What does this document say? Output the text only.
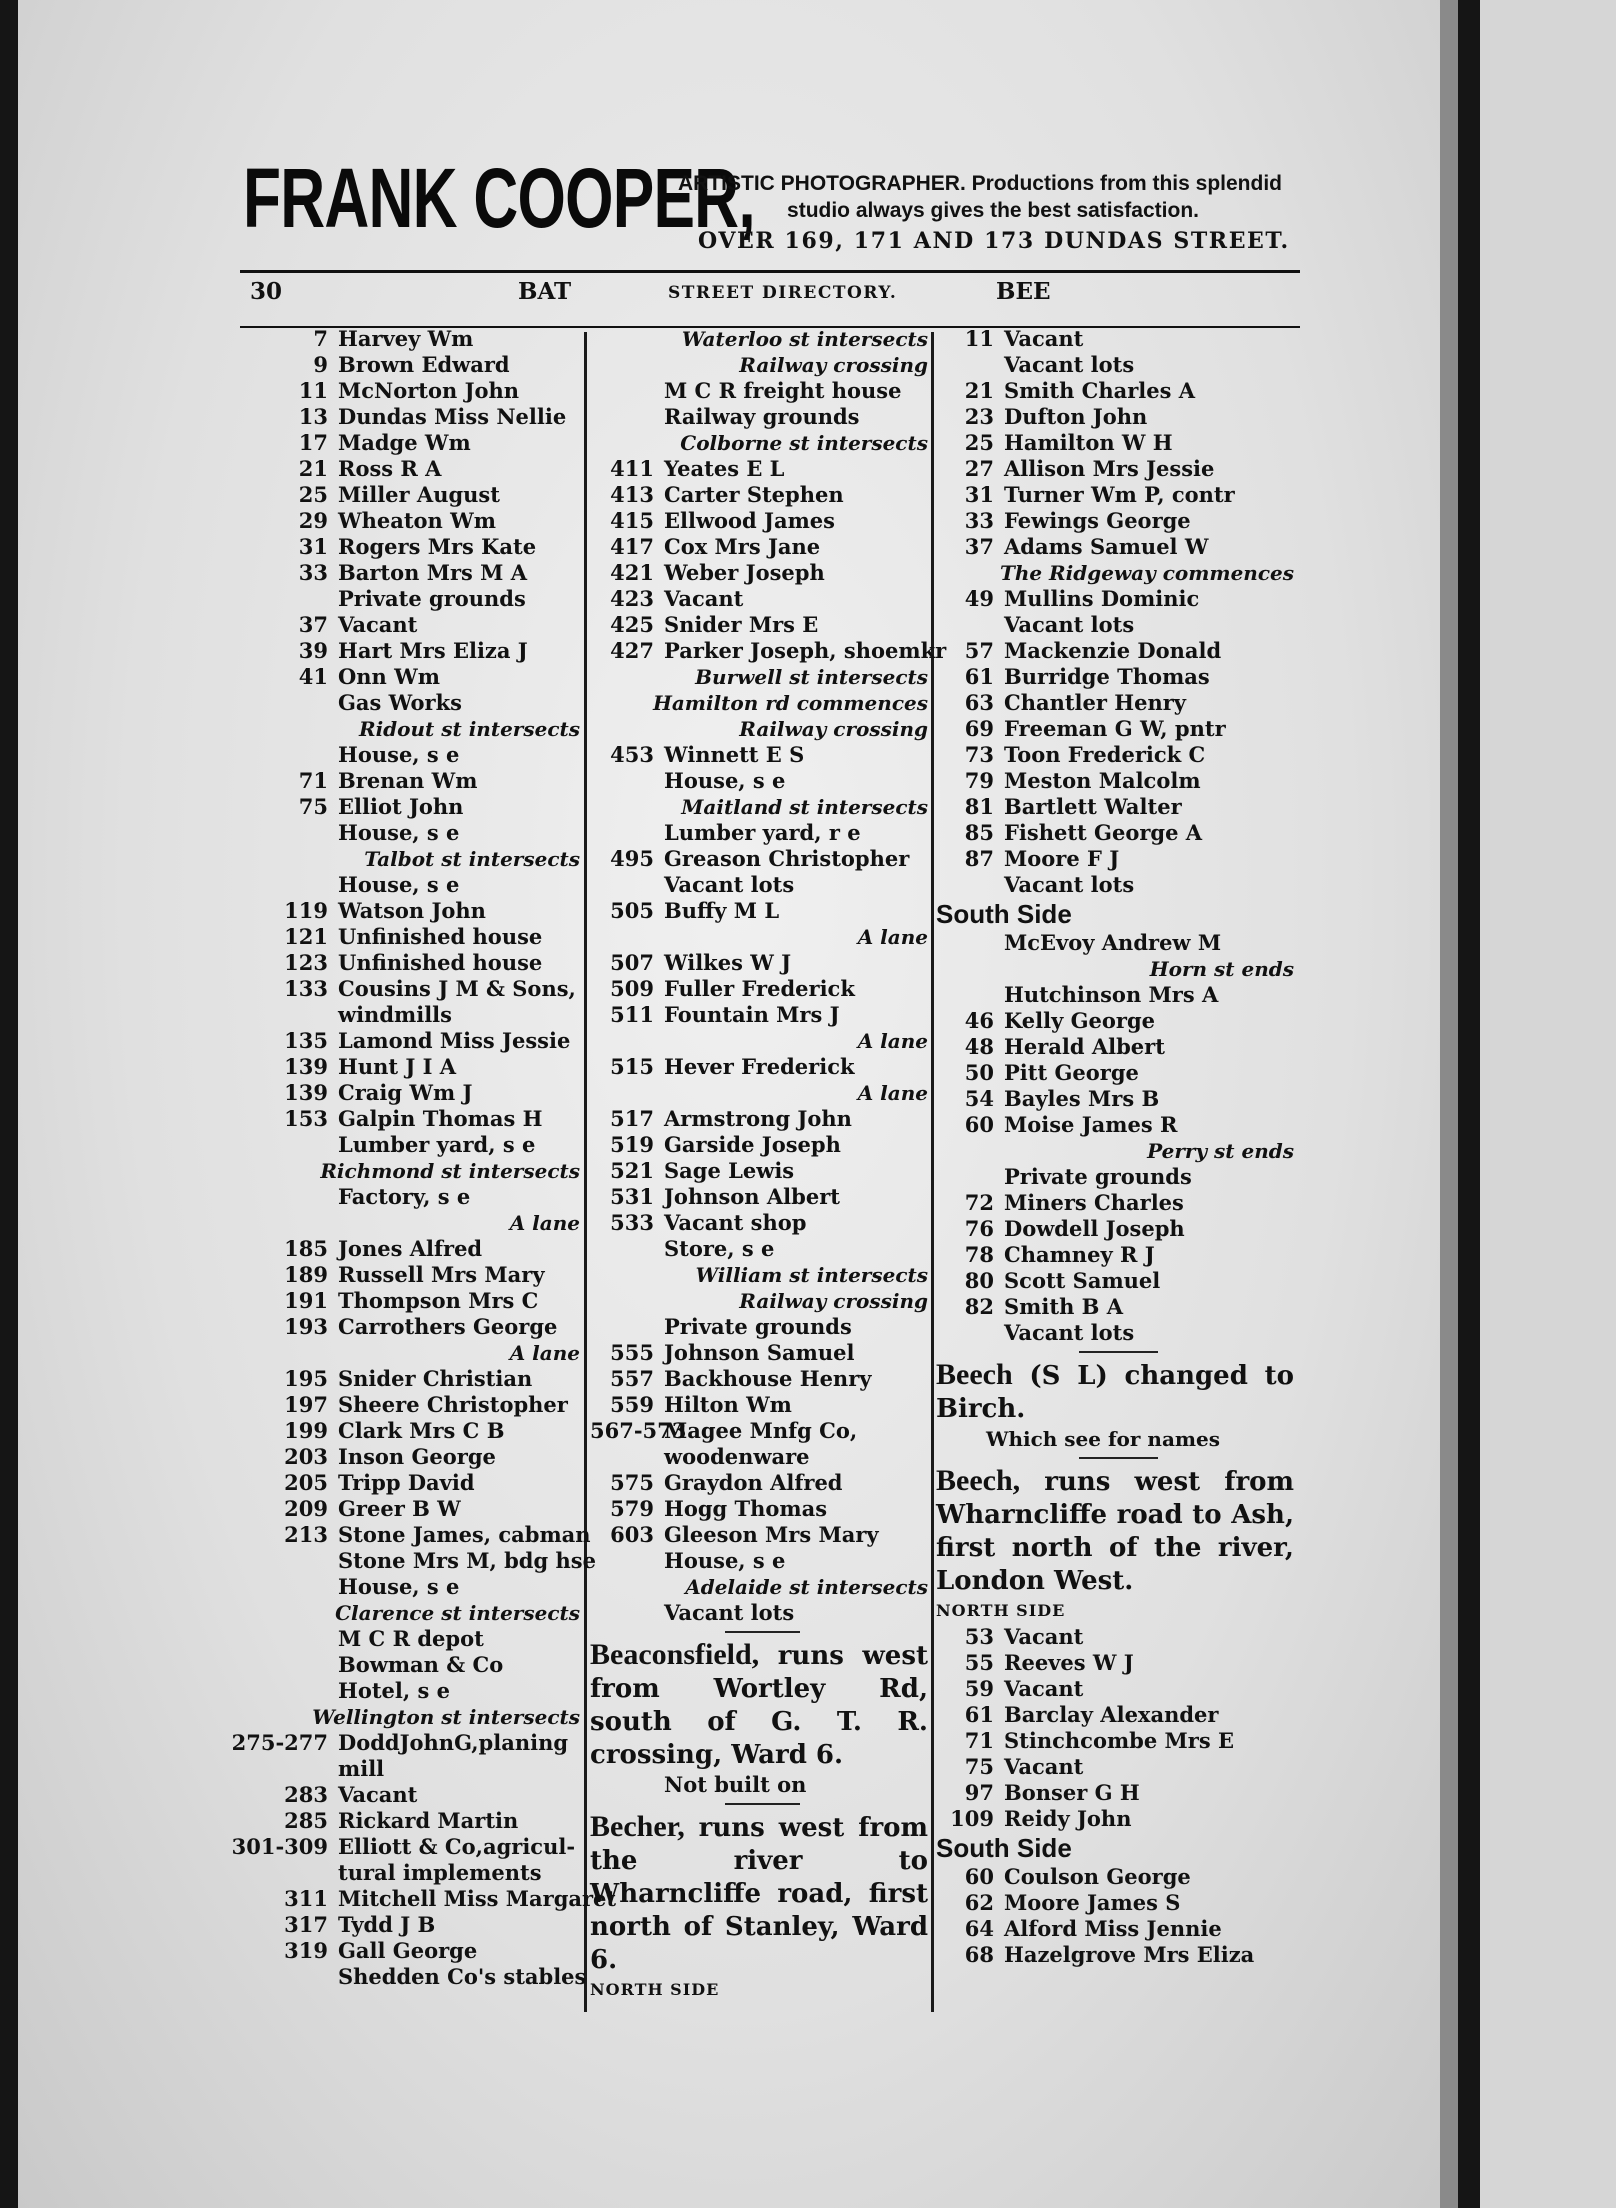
FRANK COOPER,
ARTISTIC PHOTOGRAPHER. Productions from this splendid
studio always gives the best satisfaction.
OVER 169, 171 AND 173 DUNDAS STREET.
30	BAT	STREET DIRECTORY.	BEE
7 Harvey Wm
9 Brown Edward
11 McNorton John
13 Dundas Miss Nellie
17 Madge Wm
21 Ross R A
25 Miller August
29 Wheaton Wm
31 Rogers Mrs Kate
33 Barton Mrs M A
Private grounds
37 Vacant
39 Hart Mrs Eliza J
41 Onn Wm
Gas Works
Ridout st intersects
House, s e
71 Brenan Wm
75 Elliot John
House, s e
Talbot st intersects
House, s e
119 Watson John
121 Unfinished house
123 Unfinished house
133 Cousins J M & Sons,
windmills
135 Lamond Miss Jessie
139 Hunt J I A
139 Craig Wm J
153 Galpin Thomas H
Lumber yard, s e
Richmond st intersects
Factory, s e
A lane
185 Jones Alfred
189 Russell Mrs Mary
191 Thompson Mrs C
193 Carrothers George
A lane
195 Snider Christian
197 Sheere Christopher
199 Clark Mrs C B
203 Inson George
205 Tripp David
209 Greer B W
213 Stone James, cabman
Stone Mrs M, bdg hse
House, s e
Clarence st intersects
M C R depot
Bowman & Co
Hotel, s e
Wellington st intersects
275-277 DoddJohnG,planing
mill
283 Vacant
285 Rickard Martin
301-309 Elliott & Co,agricul-
tural implements
311 Mitchell Miss Margaret
317 Tydd J B
319 Gall George
Shedden Co's stables
Waterloo st intersects
Railway crossing
M C R freight house
Railway grounds
Colborne st intersects
411 Yeates E L
413 Carter Stephen
415 Ellwood James
417 Cox Mrs Jane
421 Weber Joseph
423 Vacant
425 Snider Mrs E
427 Parker Joseph, shoemkr
Burwell st intersects
Hamilton rd commences
Railway crossing
453 Winnett E S
House, s e
Maitland st intersects
Lumber yard, r e
495 Greason Christopher
Vacant lots
505 Buffy M L
A lane
507 Wilkes W J
509 Fuller Frederick
511 Fountain Mrs J
A lane
515 Hever Frederick
A lane
517 Armstrong John
519 Garside Joseph
521 Sage Lewis
531 Johnson Albert
533 Vacant shop
Store, s e
William st intersects
Railway crossing
Private grounds
555 Johnson Samuel
557 Backhouse Henry
559 Hilton Wm
567-573Magee Mnfg Co,
woodenware
575 Graydon Alfred
579 Hogg Thomas
603 Gleeson Mrs Mary
House, s e
Adelaide st intersects
Vacant lots
Beaconsfield, runs west from Wortley Rd, south of G. T. R. crossing, Ward 6.
Not built on
Becher, runs west from the river to Wharncliffe road, first north of Stanley, Ward 6.
NORTH SIDE
11 Vacant
Vacant lots
21 Smith Charles A
23 Dufton John
25 Hamilton W H
27 Allison Mrs Jessie
31 Turner Wm P, contr
33 Fewings George
37 Adams Samuel W
The Ridgeway commences
49 Mullins Dominic
Vacant lots
57 Mackenzie Donald
61 Burridge Thomas
63 Chantler Henry
69 Freeman G W, pntr
73 Toon Frederick C
79 Meston Malcolm
81 Bartlett Walter
85 Fishett George A
87 Moore F J
Vacant lots
South Side
McEvoy Andrew M
Horn st ends
Hutchinson Mrs A
46 Kelly George
48 Herald Albert
50 Pitt George
54 Bayles Mrs B
60 Moise James R
Perry st ends
Private grounds
72 Miners Charles
76 Dowdell Joseph
78 Chamney R J
80 Scott Samuel
82 Smith B A
Vacant lots
Beech (S L) changed to Birch.
Which see for names
Beech, runs west from Wharncliffe road to Ash, first north of the river, London West.
NORTH SIDE
53 Vacant
55 Reeves W J
59 Vacant
61 Barclay Alexander
71 Stinchcombe Mrs E
75 Vacant
97 Bonser G H
109 Reidy John
South Side
60 Coulson George
62 Moore James S
64 Alford Miss Jennie
68 Hazelgrove Mrs Eliza
